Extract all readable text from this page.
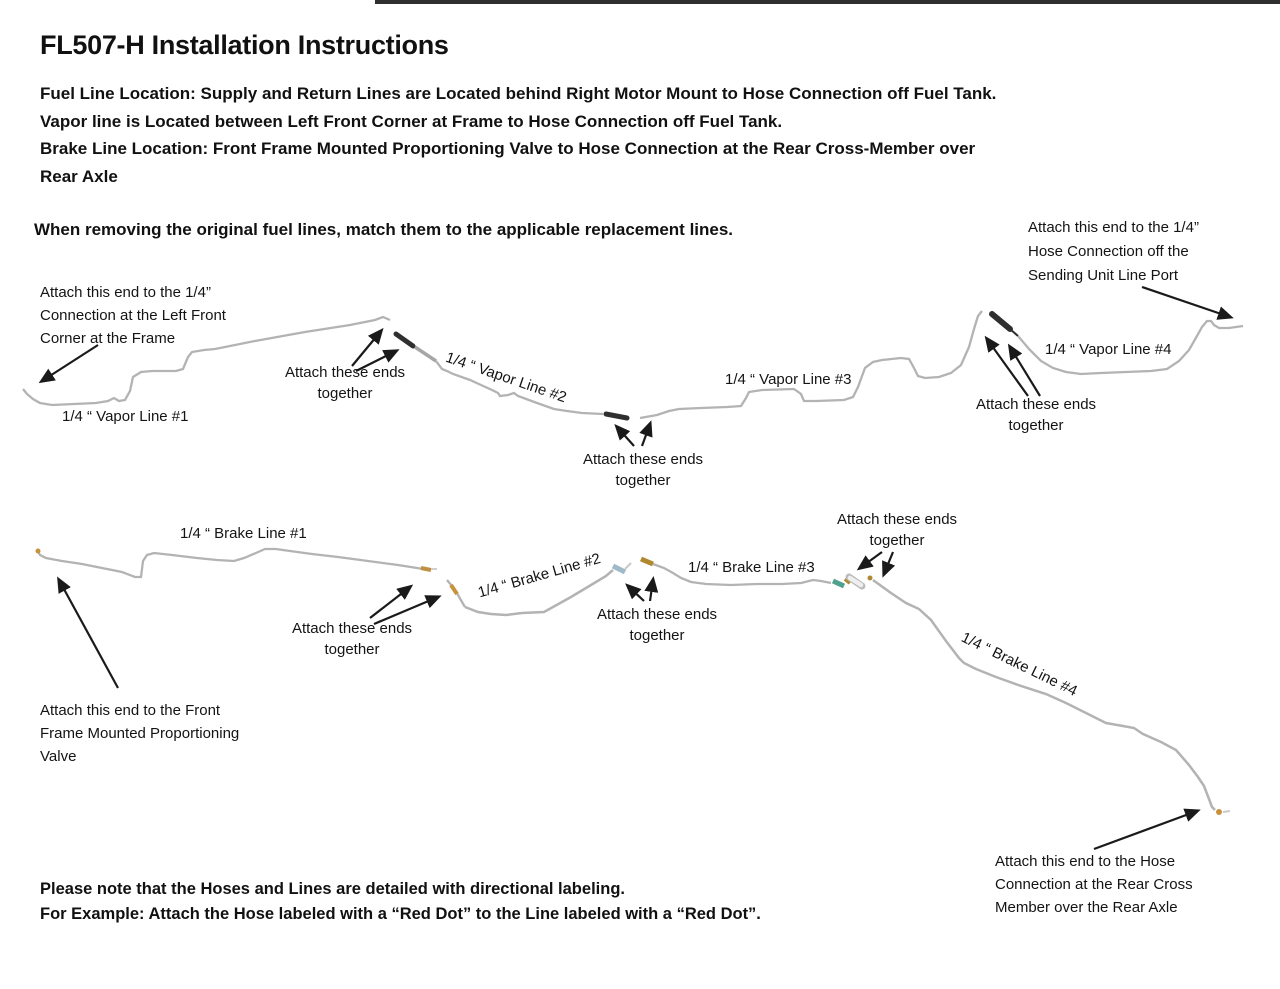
FL507-H Installation Instructions
Fuel Line Location: Supply and Return Lines are Located behind Right Motor Mount to Hose Connection off Fuel Tank.
Vapor line is Located between Left Front Corner at Frame to Hose Connection off Fuel Tank.
Brake Line Location: Front Frame Mounted Proportioning Valve to Hose Connection at the Rear Cross-Member over
Rear Axle
When removing the original fuel lines, match them to the applicable replacement lines.
Attach this end to the 1/4”
Connection at the Left Front
Corner at the Frame
1/4 “ Vapor Line #1
Attach these ends
together	1/4 “ Vapor Line #2
Attach these ends
together
1/4 “ Vapor Line #3
Attach these ends
together
1/4 “ Vapor Line #4
Attach this end to the 1/4”
Hose Connection off the
Sending Unit Line Port
1/4 “ Brake Line #1
Attach these ends
together
Attach this end to the Front
Frame Mounted Proportioning
Valve
1/4 “ Brake Line #2
Attach these ends
together
1/4 “ Brake Line #3
Attach these ends
together
1/4 “ Brake Line #4
Attach this end to the Hose
Connection at the Rear Cross
Member over the Rear Axle
Please note that the Hoses and Lines are detailed with directional labeling.
For Example: Attach the Hose labeled with a “Red Dot” to the Line labeled with a “Red Dot”.
